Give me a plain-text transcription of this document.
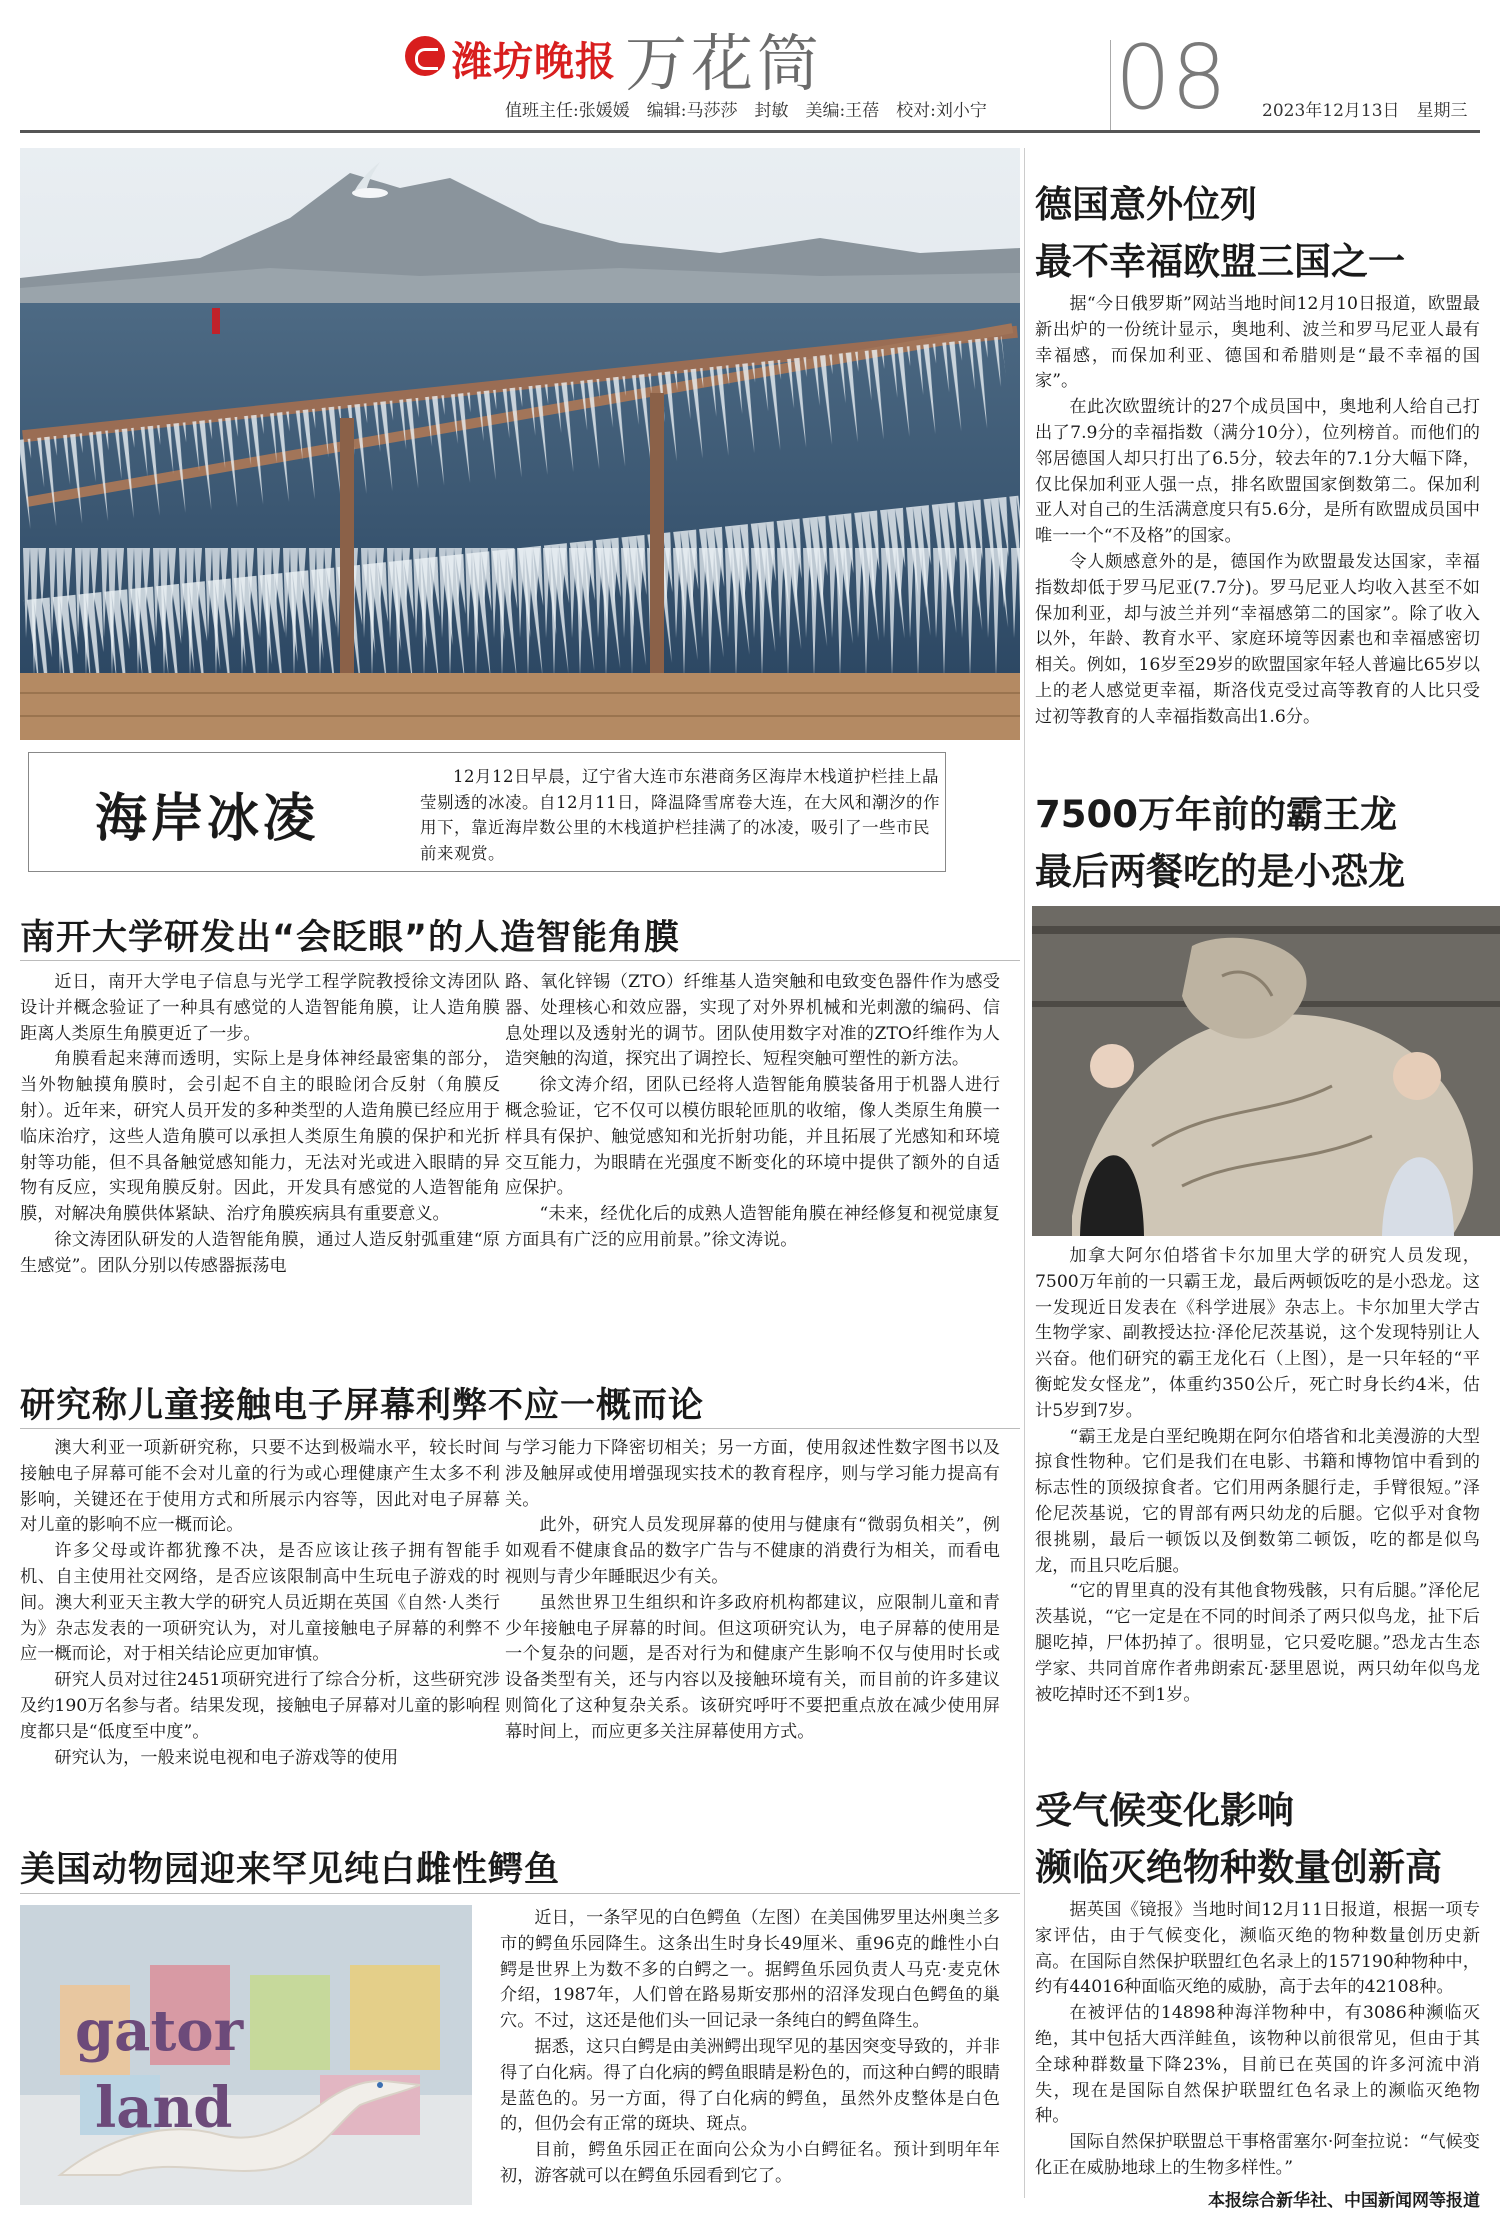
潍坊晚报 万花筒	08
值班主任:张媛媛　编辑:马莎莎　封敏　美编:王蓓　校对:刘小宁	2023年12月13日　星期三
海岸冰凌
12月12日早晨，辽宁省大连市东港商务区海岸木栈道护栏挂上晶莹剔透的冰凌。自12月11日，降温降雪席卷大连，在大风和潮汐的作用下，靠近海岸数公里的木栈道护栏挂满了的冰凌，吸引了一些市民前来观赏。
南开大学研发出“会眨眼”的人造智能角膜

近日，南开大学电子信息与光学工程学院教授徐文涛团队设计并概念验证了一种具有感觉的人造智能角膜，让人造角膜距离人类原生角膜更近了一步。

角膜看起来薄而透明，实际上是身体神经最密集的部分，当外物触摸角膜时，会引起不自主的眼睑闭合反射（角膜反射）。近年来，研究人员开发的多种类型的人造角膜已经应用于临床治疗，这些人造角膜可以承担人类原生角膜的保护和光折射等功能，但不具备触觉感知能力，无法对光或进入眼睛的异物有反应，实现角膜反射。因此，开发具有感觉的人造智能角膜，对解决角膜供体紧缺、治疗角膜疾病具有重要意义。

徐文涛团队研发的人造智能角膜，通过人造反射弧重建“原生感觉”。团队分别以传感器振荡电

路、氧化锌锡（ZTO）纤维基人造突触和电致变色器件作为感受器、处理核心和效应器，实现了对外界机械和光刺激的编码、信息处理以及透射光的调节。团队使用数字对准的ZTO纤维作为人造突触的沟道，探究出了调控长、短程突触可塑性的新方法。

徐文涛介绍，团队已经将人造智能角膜装备用于机器人进行概念验证，它不仅可以模仿眼轮匝肌的收缩，像人类原生角膜一样具有保护、触觉感知和光折射功能，并且拓展了光感知和环境交互能力，为眼睛在光强度不断变化的环境中提供了额外的自适应保护。

“未来，经优化后的成熟人造智能角膜在神经修复和视觉康复方面具有广泛的应用前景。”徐文涛说。

研究称儿童接触电子屏幕利弊不应一概而论

澳大利亚一项新研究称，只要不达到极端水平，较长时间接触电子屏幕可能不会对儿童的行为或心理健康产生太多不利影响，关键还在于使用方式和所展示内容等，因此对电子屏幕对儿童的影响不应一概而论。

许多父母或许都犹豫不决，是否应该让孩子拥有智能手机、自主使用社交网络，是否应该限制高中生玩电子游戏的时间。澳大利亚天主教大学的研究人员近期在英国《自然·人类行为》杂志发表的一项研究认为，对儿童接触电子屏幕的利弊不应一概而论，对于相关结论应更加审慎。

研究人员对过往2451项研究进行了综合分析，这些研究涉及约190万名参与者。结果发现，接触电子屏幕对儿童的影响程度都只是“低度至中度”。

研究认为，一般来说电视和电子游戏等的使用

与学习能力下降密切相关；另一方面，使用叙述性数字图书以及涉及触屏或使用增强现实技术的教育程序，则与学习能力提高有关。

此外，研究人员发现屏幕的使用与健康有“微弱负相关”，例如观看不健康食品的数字广告与不健康的消费行为相关，而看电视则与青少年睡眠迟少有关。

虽然世界卫生组织和许多政府机构都建议，应限制儿童和青少年接触电子屏幕的时间。但这项研究认为，电子屏幕的使用是一个复杂的问题，是否对行为和健康产生影响不仅与使用时长或设备类型有关，还与内容以及接触环境有关，而目前的许多建议则简化了这种复杂关系。该研究呼吁不要把重点放在减少使用屏幕时间上，而应更多关注屏幕使用方式。

美国动物园迎来罕见纯白雌性鳄鱼
gator
land

近日，一条罕见的白色鳄鱼（左图）在美国佛罗里达州奥兰多市的鳄鱼乐园降生。这条出生时身长49厘米、重96克的雌性小白鳄是世界上为数不多的白鳄之一。据鳄鱼乐园负责人马克·麦克休介绍，1987年，人们曾在路易斯安那州的沼泽发现白色鳄鱼的巢穴。不过，这还是他们头一回记录一条纯白的鳄鱼降生。

据悉，这只白鳄是由美洲鳄出现罕见的基因突变导致的，并非得了白化病。得了白化病的鳄鱼眼睛是粉色的，而这种白鳄的眼睛是蓝色的。另一方面，得了白化病的鳄鱼，虽然外皮整体是白色的，但仍会有正常的斑块、斑点。

目前，鳄鱼乐园正在面向公众为小白鳄征名。预计到明年年初，游客就可以在鳄鱼乐园看到它了。

德国意外位列
最不幸福欧盟三国之一

据“今日俄罗斯”网站当地时间12月10日报道，欧盟最新出炉的一份统计显示，奥地利、波兰和罗马尼亚人最有幸福感，而保加利亚、德国和希腊则是“最不幸福的国家”。

在此次欧盟统计的27个成员国中，奥地利人给自己打出了7.9分的幸福指数（满分10分），位列榜首。而他们的邻居德国人却只打出了6.5分，较去年的7.1分大幅下降，仅比保加利亚人强一点，排名欧盟国家倒数第二。保加利亚人对自己的生活满意度只有5.6分，是所有欧盟成员国中唯一一个“不及格”的国家。

令人颇感意外的是，德国作为欧盟最发达国家，幸福指数却低于罗马尼亚(7.7分)。罗马尼亚人均收入甚至不如保加利亚，却与波兰并列“幸福感第二的国家”。除了收入以外，年龄、教育水平、家庭环境等因素也和幸福感密切相关。例如，16岁至29岁的欧盟国家年轻人普遍比65岁以上的老人感觉更幸福，斯洛伐克受过高等教育的人比只受过初等教育的人幸福指数高出1.6分。

7500万年前的霸王龙
最后两餐吃的是小恐龙

加拿大阿尔伯塔省卡尔加里大学的研究人员发现，7500万年前的一只霸王龙，最后两顿饭吃的是小恐龙。这一发现近日发表在《科学进展》杂志上。卡尔加里大学古生物学家、副教授达拉·泽伦尼茨基说，这个发现特别让人兴奋。他们研究的霸王龙化石（上图），是一只年轻的“平衡蛇发女怪龙”，体重约350公斤，死亡时身长约4米，估计5岁到7岁。

“霸王龙是白垩纪晚期在阿尔伯塔省和北美漫游的大型掠食性物种。它们是我们在电影、书籍和博物馆中看到的标志性的顶级掠食者。它们用两条腿行走，手臂很短。”泽伦尼茨基说，它的胃部有两只幼龙的后腿。它似乎对食物很挑剔，最后一顿饭以及倒数第二顿饭，吃的都是似鸟龙，而且只吃后腿。

“它的胃里真的没有其他食物残骸，只有后腿。”泽伦尼茨基说，“它一定是在不同的时间杀了两只似鸟龙，扯下后腿吃掉，尸体扔掉了。很明显，它只爱吃腿。”恐龙古生态学家、共同首席作者弗朗索瓦·瑟里恩说，两只幼年似鸟龙被吃掉时还不到1岁。

受气候变化影响
濒临灭绝物种数量创新高

据英国《镜报》当地时间12月11日报道，根据一项专家评估，由于气候变化，濒临灭绝的物种数量创历史新高。在国际自然保护联盟红色名录上的157190种物种中，约有44016种面临灭绝的威胁，高于去年的42108种。

在被评估的14898种海洋物种中，有3086种濒临灭绝，其中包括大西洋鲑鱼，该物种以前很常见，但由于其全球种群数量下降23%，目前已在英国的许多河流中消失，现在是国际自然保护联盟红色名录上的濒临灭绝物种。

国际自然保护联盟总干事格雷塞尔·阿奎拉说：“气候变化正在威胁地球上的生物多样性。”

本报综合新华社、中国新闻网等报道
